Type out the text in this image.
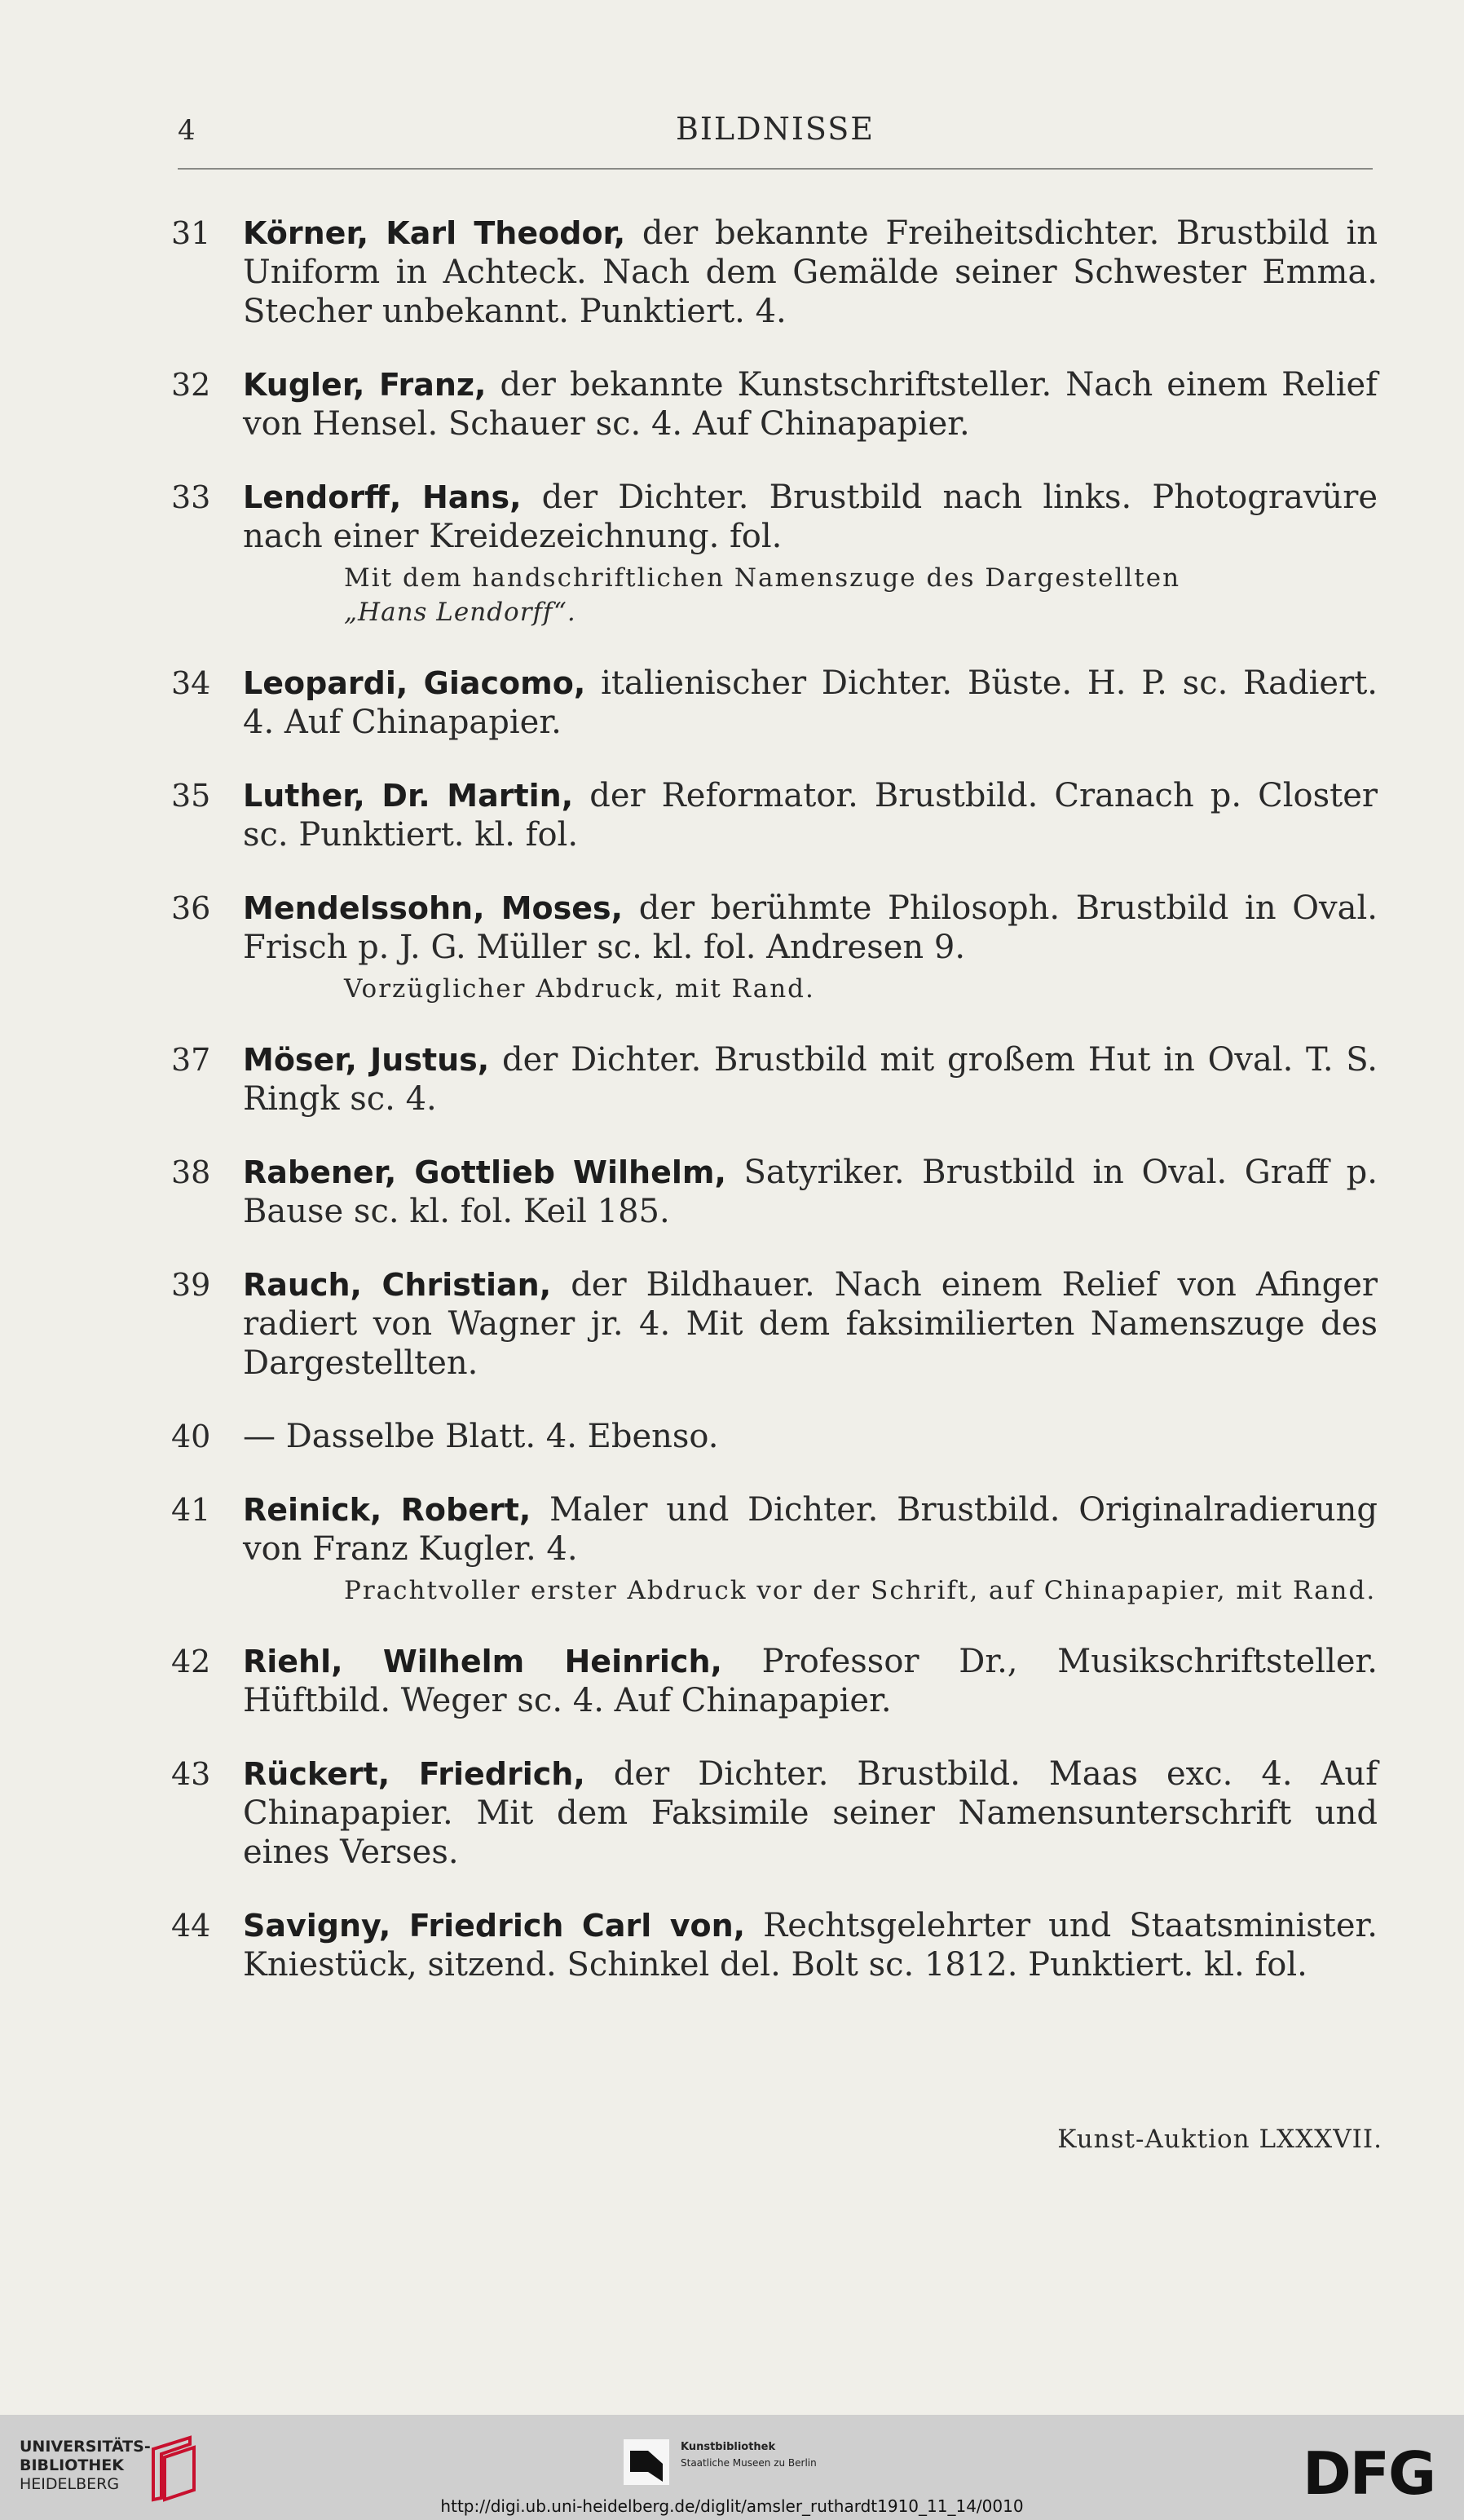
4	BILDNISSE
31	Körner, Karl Theodor, der bekannte Freiheitsdichter. Brustbild in Uniform in Achteck. Nach dem Gemälde seiner Schwester Emma. Stecher unbekannt. Punktiert. 4.
32	Kugler, Franz, der bekannte Kunstschriftsteller. Nach einem Relief von Hensel. Schauer sc. 4. Auf Chinapapier.
33	Lendorff, Hans, der Dichter. Brustbild nach links. Photogravüre nach einer Kreidezeichnung. fol.
Mit dem handschriftlichen Namenszuge des Dargestellten
„Hans Lendorff“.
34	Leopardi, Giacomo, italienischer Dichter. Büste. H. P. sc. Radiert. 4. Auf Chinapapier.
35	Luther, Dr. Martin, der Reformator. Brustbild. Cranach p. Closter sc. Punktiert. kl. fol.
36	Mendelssohn, Moses, der berühmte Philosoph. Brustbild in Oval. Frisch p. J. G. Müller sc. kl. fol. Andresen 9.
Vorzüglicher Abdruck, mit Rand.
37	Möser, Justus, der Dichter. Brustbild mit großem Hut in Oval. T. S. Ringk sc. 4.
38	Rabener, Gottlieb Wilhelm, Satyriker. Brustbild in Oval. Graff p. Bause sc. kl. fol. Keil 185.
39	Rauch, Christian, der Bildhauer. Nach einem Relief von Afinger radiert von Wagner jr. 4. Mit dem faksimilierten Namenszuge des Dargestellten.
40 — Dasselbe Blatt. 4. Ebenso.
41	Reinick, Robert, Maler und Dichter. Brustbild. Originalradierung von Franz Kugler. 4.
Prachtvoller erster Abdruck vor der Schrift, auf Chinapapier, mit Rand.
42	Riehl, Wilhelm Heinrich, Professor Dr., Musikschriftsteller. Hüftbild. Weger sc. 4. Auf Chinapapier.
43	Rückert, Friedrich, der Dichter. Brustbild. Maas exc. 4. Auf Chinapapier. Mit dem Faksimile seiner Namensunterschrift und eines Verses.
44	Savigny, Friedrich Carl von, Rechtsgelehrter und Staatsminister. Kniestück, sitzend. Schinkel del. Bolt sc. 1812. Punktiert. kl. fol.
Kunst-Auktion LXXXVII.
UNIVERSITÄTS-
BIBLIOTHEK
HEIDELBERG
Kunstbibliothek
Staatliche Museen zu Berlin	DFG
http://digi.ub.uni-heidelberg.de/diglit/amsler_ruthardt1910_11_14/0010
